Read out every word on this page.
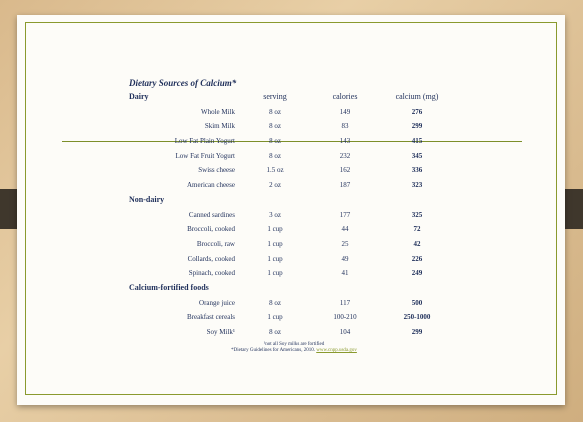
Dietary Sources of Calcium*
Dairy	serving	calories	calcium (mg)
Whole Milk	8 oz	149	276
Skim Milk	8 oz	83	299
Low Fat Plain Yogurt	8 oz	143	415
Low Fat Fruit Yogurt	8 oz	232	345
Swiss cheese	1.5 oz	162	336
American cheese	2 oz	187	323
Non-dairy
Canned sardines	3 oz	177	325
Broccoli, cooked	1 cup	44	72
Broccoli, raw	1 cup	25	42
Collards, cooked	1 cup	49	226
Spinach, cooked	1 cup	41	249
Calcium-fortified foods
Orange juice	8 oz	117	500
Breakfast cereals	1 cup	100-210	250-1000
Soy Milk¹	8 oz	104	299
¹not all Soy milks are fortified
*Dietary Guidelines for Americans, 2010. www.cnpp.usda.gov
